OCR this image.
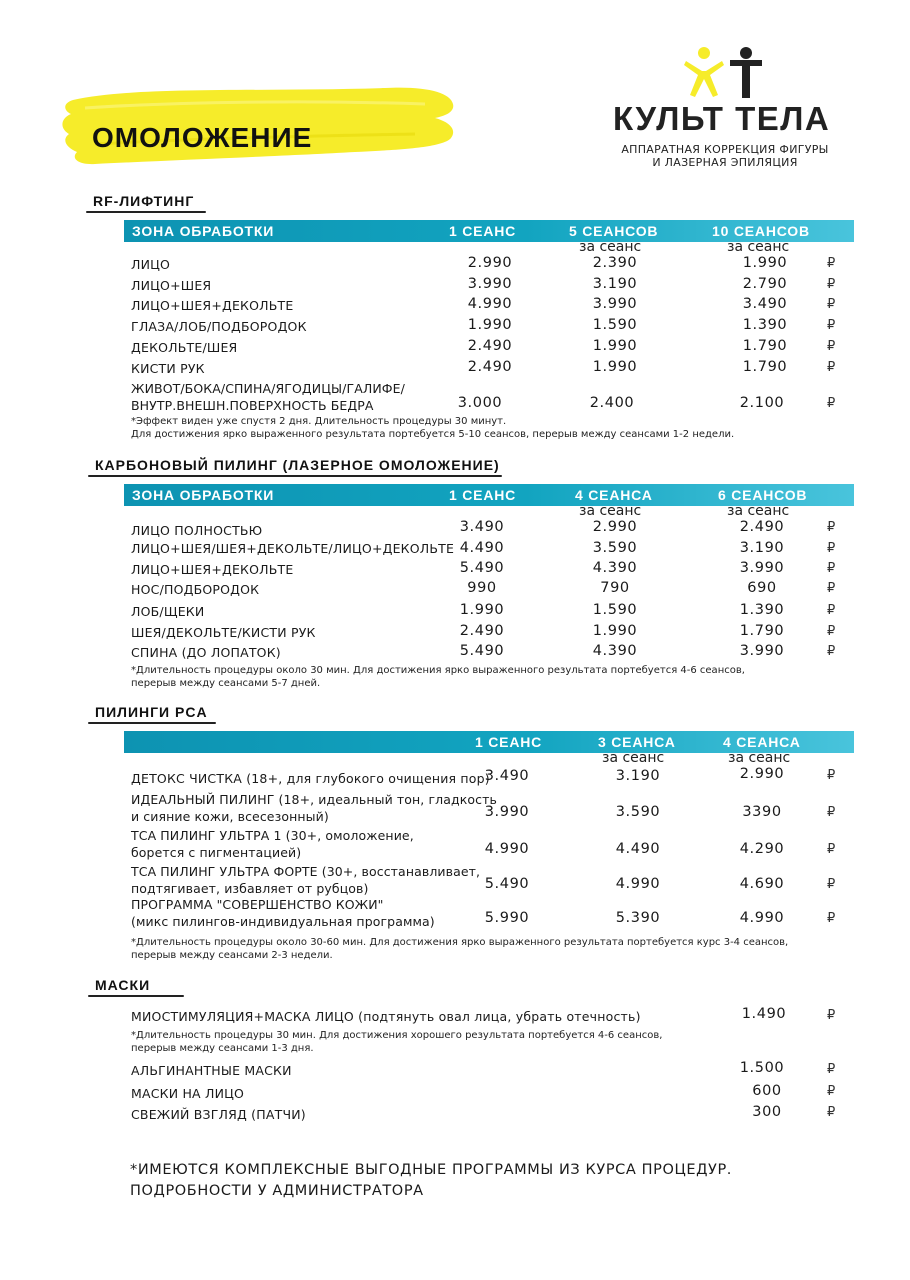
ОМОЛОЖЕНИЕ
КУЛЬТ ТЕЛА
АППАРАТНАЯ КОРРЕКЦИЯ ФИГУРЫ
И ЛАЗЕРНАЯ ЭПИЛЯЦИЯ
RF-ЛИФТИНГ
ЗОНА ОБРАБОТКИ	1 СЕАНС	5 СЕАНСОВ	10 СЕАНСОВ
за сеанс	за сеанс
ЛИЦО	2.990	2.390	1.990	₽
ЛИЦО+ШЕЯ	3.990	3.190	2.790	₽
ЛИЦО+ШЕЯ+ДЕКОЛЬТЕ	4.990	3.990	3.490	₽
ГЛАЗА/ЛОБ/ПОДБОРОДОК	1.990	1.590	1.390	₽
ДЕКОЛЬТЕ/ШЕЯ	2.490	1.990	1.790	₽
КИСТИ РУК	2.490	1.990	1.790	₽
ЖИВОТ/БОКА/СПИНА/ЯГОДИЦЫ/ГАЛИФЕ/
ВНУТР.ВНЕШН.ПОВЕРХНОСТЬ БЕДРА	3.000	2.400	2.100	₽
*Эффект виден уже спустя 2 дня. Длительность процедуры 30 минут.
Для достижения ярко выраженного результата портебуется 5-10 сеансов, перерыв между сеансами 1-2 недели.
КАРБОНОВЫЙ ПИЛИНГ (ЛАЗЕРНОЕ ОМОЛОЖЕНИЕ)
ЗОНА ОБРАБОТКИ	1 СЕАНС	4 СЕАНСА	6 СЕАНСОВ
за сеанс	за сеанс
ЛИЦО ПОЛНОСТЬЮ	3.490	2.990	2.490	₽
ЛИЦО+ШЕЯ/ШЕЯ+ДЕКОЛЬТЕ/ЛИЦО+ДЕКОЛЬТЕ 4.490	3.590	3.190	₽
ЛИЦО+ШЕЯ+ДЕКОЛЬТЕ	5.490	4.390	3.990	₽
НОС/ПОДБОРОДОК	990	790	690	₽
ЛОБ/ЩЕКИ	1.990	1.590	1.390	₽
ШЕЯ/ДЕКОЛЬТЕ/КИСТИ РУК	2.490	1.990	1.790	₽
СПИНА (ДО ЛОПАТОК)	5.490	4.390	3.990	₽
*Длительность процедуры около 30 мин. Для достижения ярко выраженного результата портебуется 4-6 сеансов,
перерыв между сеансами 5-7 дней.
ПИЛИНГИ PCA
1 СЕАНС	3 СЕАНСА	4 СЕАНСА
за сеанс	за сеанс
ДЕТОКС ЧИСТКА (18+, для глубокого очищения пор)
3.490	3.190	2.990	₽
ИДЕАЛЬНЫЙ ПИЛИНГ (18+, идеальный тон, гладкость
и сияние кожи, всесезонный)	3.990	3.590	3390	₽
ТСА ПИЛИНГ УЛЬТРА 1 (30+, омоложение,
борется с пигментацией)	4.990	4.490	4.290	₽
ТСА ПИЛИНГ УЛЬТРА ФОРТЕ (30+, восстанавливает,
подтягивает, избавляет от рубцов)	5.490	4.990	4.690	₽
ПРОГРАММА "СОВЕРШЕНСТВО КОЖИ"
(микс пилингов-индивидуальная программа)	5.990	5.390	4.990	₽
*Длительность процедуры около 30-60 мин. Для достижения ярко выраженного результата портебуется курс 3-4 сеансов,
перерыв между сеансами 2-3 недели.
МАСКИ
МИОСТИМУЛЯЦИЯ+МАСКА ЛИЦО (подтянуть овал лица, убрать отечность)	1.490	₽
*Длительность процедуры 30 мин. Для достижения хорошего результата портебуется 4-6 сеансов,
перерыв между сеансами 1-3 дня.
АЛЬГИНАНТНЫЕ МАСКИ	1.500	₽
МАСКИ НА ЛИЦО	600	₽
СВЕЖИЙ ВЗГЛЯД (ПАТЧИ)	300	₽
*ИМЕЮТСЯ КОМПЛЕКСНЫЕ ВЫГОДНЫЕ ПРОГРАММЫ ИЗ КУРСА ПРОЦЕДУР.
ПОДРОБНОСТИ У АДМИНИСТРАТОРА
